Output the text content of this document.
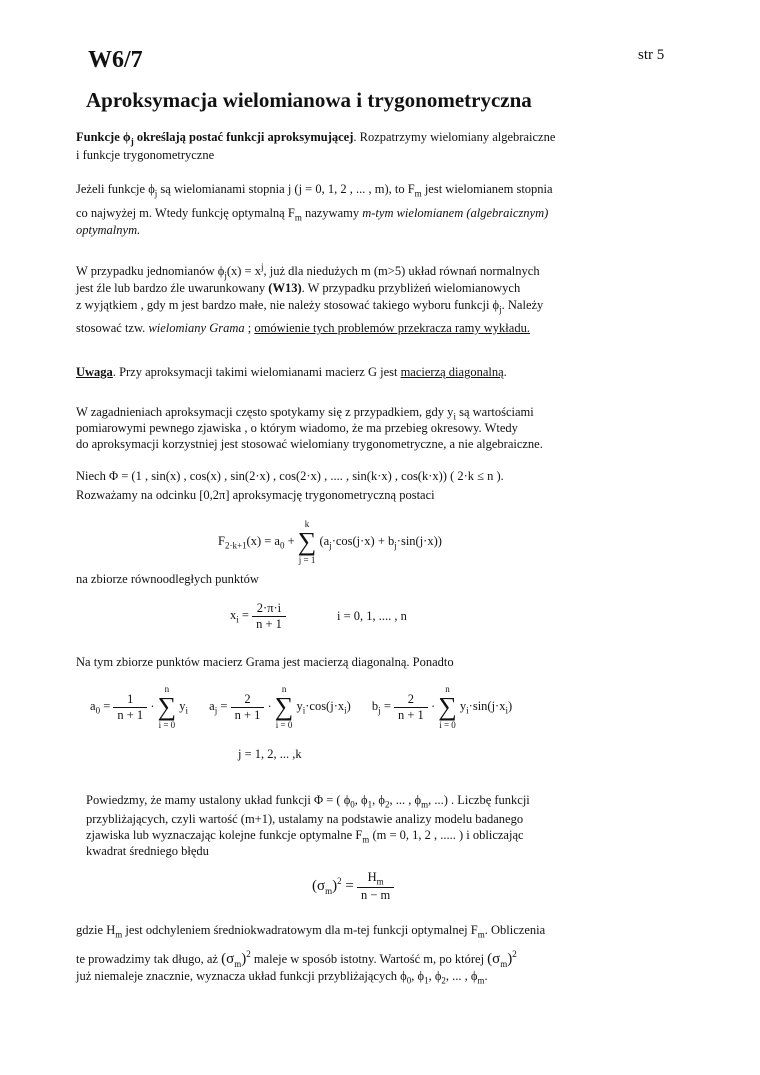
W6/7	str 5
Aproksymacja wielomianowa i trygonometryczna
Funkcje $\phi_j$ określają postać funkcji aproksymującej. Rozpatrzymy wielomiany algebraiczne
i funkcje trygonometryczne
Jeżeli funkcje $\phi_j$ są wielomianami stopnia j (j = 0, 1, 2 , ... , m), to $F_m$ jest wielomianem stopnia
co najwyżej m. Wtedy funkcję optymalną $F_m$ nazywamy m-tym wielomianem (algebraicznym)
optymalnym.
W przypadku jednomianów $\phi_j(x) = x^j$, już dla niedużych m (m>5) układ równań normalnych
jest źle lub bardzo źle uwarunkowany (W13). W przypadku przybliżeń wielomianowych
z wyjątkiem , gdy m jest bardzo małe, nie należy stosować takiego wyboru funkcji $\phi_j$. Należy
stosować tzw. wielomiany Grama ; omówienie tych problemów przekracza ramy wykładu.
Uwaga. Przy aproksymacji takimi wielomianami macierz G jest macierzą diagonalną.
W zagadnieniach aproksymacji często spotykamy się z przypadkiem, gdy $y_i$ są wartościami
pomiarowymi pewnego zjawiska , o którym wiadomo, że ma przebieg okresowy. Wtedy
do aproksymacji korzystniej jest stosować wielomiany trygonometryczne, a nie algebraiczne.
Niech Φ = (1 , sin(x) , cos(x) , sin(2·x) , cos(2·x) , .... , sin(k·x) , cos(k·x)) ( 2·k ≤ n ).
Rozważamy na odcinku [0,2π] aproksymację trygonometryczną postaci
$F_{2\cdot k+1}(x) = a_0 + k$
∑
j = 1 $(a_j\cdot\cos(j\cdot x) + b_j\cdot\sin(j\cdot x))$
na zbiorze równoodległych punktów
$x_i = \frac{2\cdot\pi\cdot i}{n + 1}$	i = 0, 1, .... , n
Na tym zbiorze punktów macierz Grama jest macierzą diagonalną. Ponadto
$a_0 = \frac{1}{n + 1} \cdot n$
∑
i = 0 $y_i$ $a_j = \frac{2}{n + 1} \cdot n$
∑
i = 0 $y_i\cdot\cos(j\cdot x_i) b_j = \frac{2}{n + 1} \cdot n$
∑
i = 0 $y_i\cdot\sin(j\cdot x_i)$
j = 1, 2, ... ,k
Powiedzmy, że mamy ustalony układ funkcji Φ = ( $\phi_0$, $\phi_1$, $\phi_2$, ... , $\phi_m$, ...) . Liczbę funkcji
przybliżających, czyli wartość (m+1), ustalamy na podstawie analizy modelu badanego
zjawiska lub wyznaczając kolejne funkcje optymalne $F_m$ (m = 0, 1, 2 , ..... ) i obliczając
kwadrat średniego błędu
$(\sigma_m)^2 = \frac{H_m}{n - m}$
gdzie $H_m$ jest odchyleniem średniokwadratowym dla m-tej funkcji optymalnej $F_m$. Obliczenia
te prowadzimy tak długo, aż $(\sigma_m)^2$ maleje w sposób istotny. Wartość m, po której $(\sigma_m)^2$
już niemaleje znacznie, wyznacza układ funkcji przybliżających $\phi_0$, $\phi_1$, $\phi_2$, ... , $\phi_m$.
